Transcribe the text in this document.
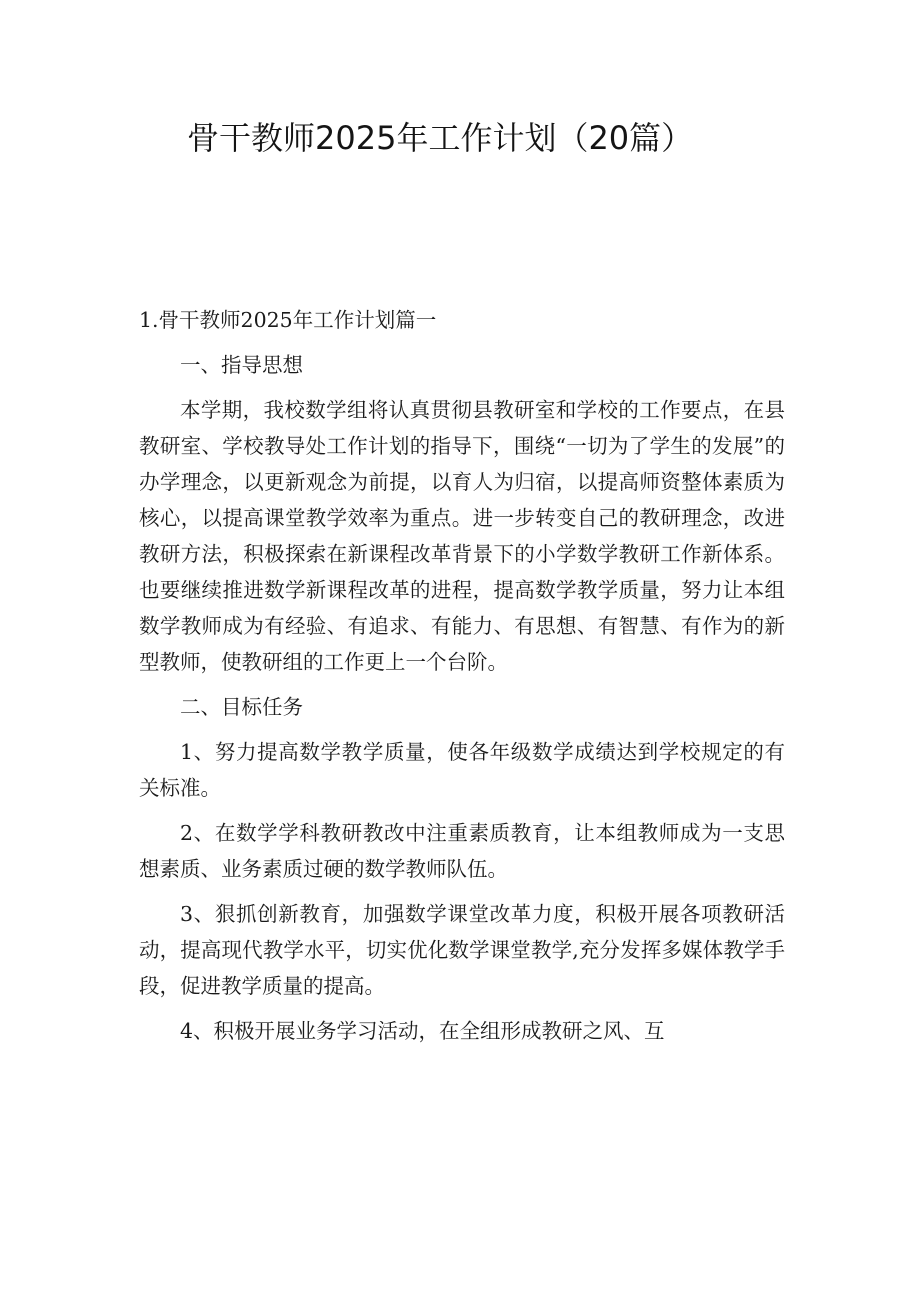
骨干教师2025年工作计划（20篇）
1.骨干教师2025年工作计划篇一

一、指导思想

本学期，我校数学组将认真贯彻县教研室和学校的工作要点，在县教研室、学校教导处工作计划的指导下，围绕“一切为了学生的发展”的办学理念，以更新观念为前提，以育人为归宿，以提高师资整体素质为核心，以提高课堂教学效率为重点。进一步转变自己的教研理念，改进教研方法，积极探索在新课程改革背景下的小学数学教研工作新体系。也要继续推进数学新课程改革的进程，提高数学教学质量，努力让本组数学教师成为有经验、有追求、有能力、有思想、有智慧、有作为的新型教师，使教研组的工作更上一个台阶。

二、目标任务

1、努力提高数学教学质量，使各年级数学成绩达到学校规定的有关标准。

2、在数学学科教研教改中注重素质教育，让本组教师成为一支思想素质、业务素质过硬的数学教师队伍。

3、狠抓创新教育，加强数学课堂改革力度，积极开展各项教研活动，提高现代教学水平，切实优化数学课堂教学,充分发挥多媒体教学手段，促进教学质量的提高。

4、积极开展业务学习活动，在全组形成教研之风、互
